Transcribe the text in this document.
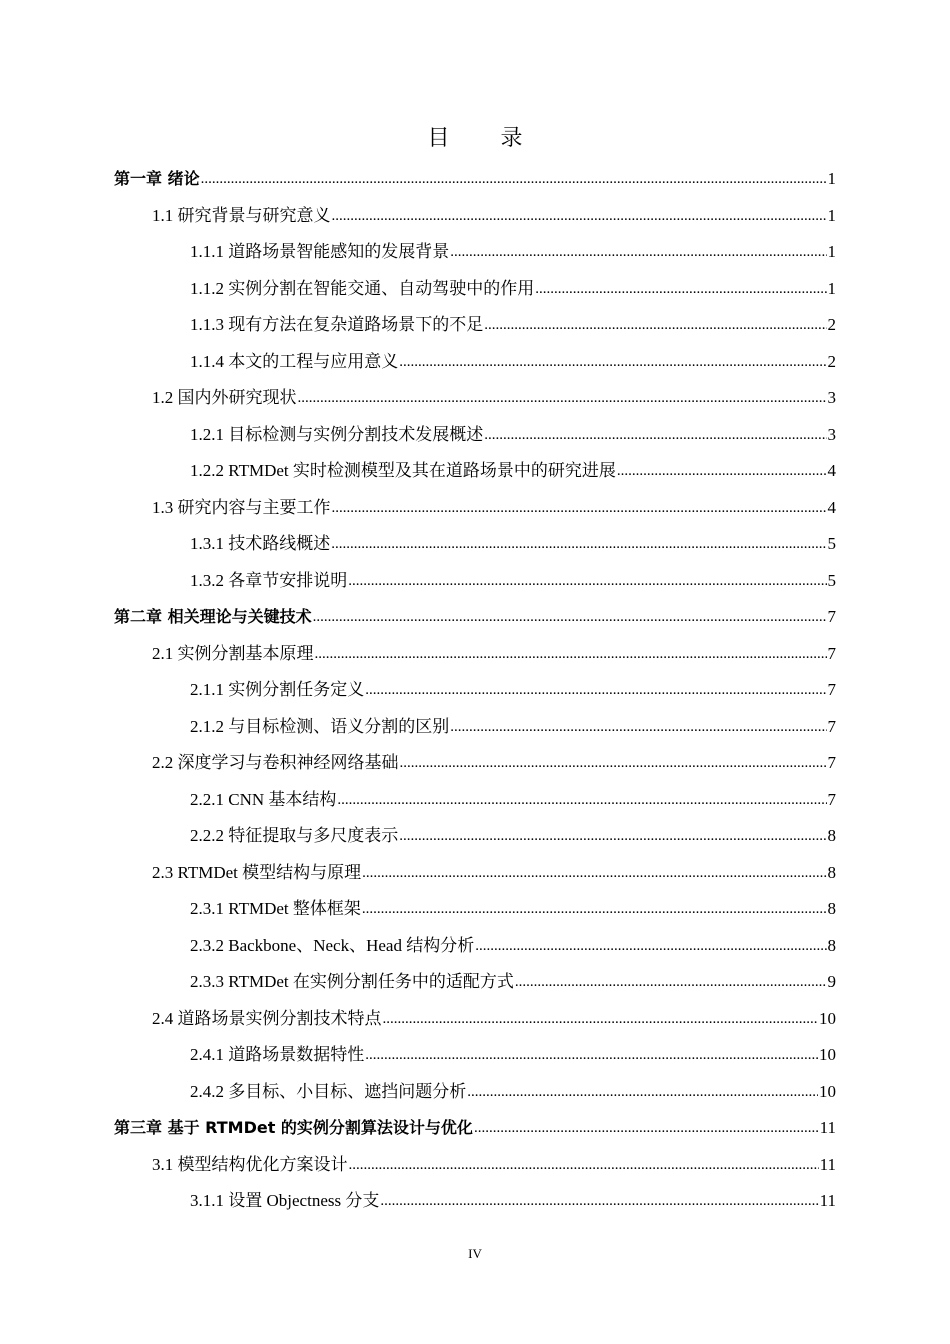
目 录
第一章 绪论 .....	1
1.1 研究背景与研究意义 .....	1
1.1.1 道路场景智能感知的发展背景 .....	1
1.1.2 实例分割在智能交通、自动驾驶中的作用 .....	1
1.1.3 现有方法在复杂道路场景下的不足 .....	2
1.1.4 本文的工程与应用意义 .....	2
1.2 国内外研究现状 .....	3
1.2.1 目标检测与实例分割技术发展概述 .....	3
1.2.2 RTMDet 实时检测模型及其在道路场景中的研究进展 .....	4
1.3 研究内容与主要工作 .....	4
1.3.1 技术路线概述 .....	5
1.3.2 各章节安排说明 .....	5
第二章 相关理论与关键技术 .....	7
2.1 实例分割基本原理 .....	7
2.1.1 实例分割任务定义 .....	7
2.1.2 与目标检测、语义分割的区别 .....	7
2.2 深度学习与卷积神经网络基础 .....	7
2.2.1 CNN 基本结构 .....	7
2.2.2 特征提取与多尺度表示 .....	8
2.3 RTMDet 模型结构与原理 .....	8
2.3.1 RTMDet 整体框架 .....	8
2.3.2 Backbone、Neck、Head 结构分析 .....	8
2.3.3 RTMDet 在实例分割任务中的适配方式 .....	9
2.4 道路场景实例分割技术特点 .....	10
2.4.1 道路场景数据特性 .....	10
2.4.2 多目标、小目标、遮挡问题分析 .....	10
第三章 基于 RTMDet 的实例分割算法设计与优化 .....	11
3.1 模型结构优化方案设计 .....	11
3.1.1 设置 Objectness 分支 .....	11
IV
